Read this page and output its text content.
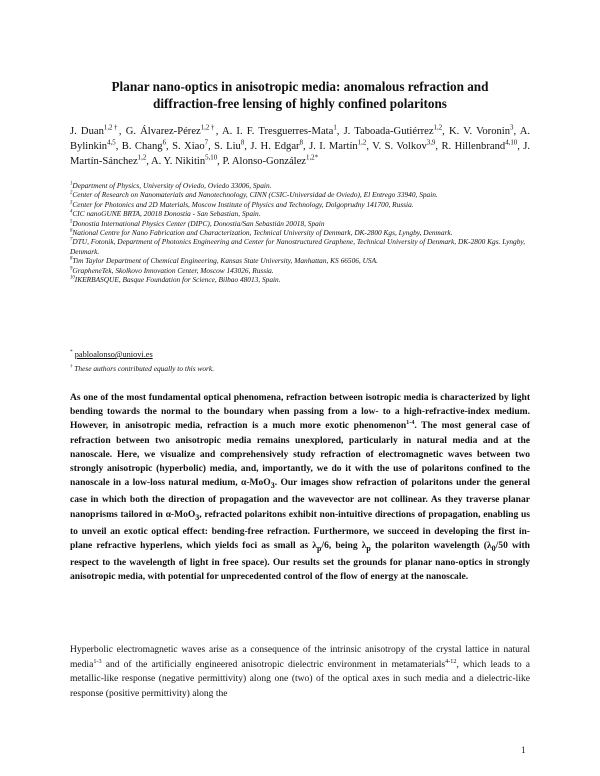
Planar nano-optics in anisotropic media: anomalous refraction and
diffraction-free lensing of highly confined polaritons
J. Duan$^{1,2\dagger}$, G. Álvarez-Pérez$^{1,2\dagger}$, A. I. F. Tresguerres-Mata$^1$, J. Taboada-Gutiérrez$^{1,2}$, K. V. Voronin$^3$, A. Bylinkin$^{4,5}$, B. Chang$^6$, S. Xiao$^7$, S. Liu$^8$, J. H. Edgar$^8$, J. I. Martín$^{1,2}$, V. S. Volkov$^{3,9}$, R. Hillenbrand$^{4,10}$, J. Martín-Sánchez$^{1,2}$, A. Y. Nikitin$^{5,10}$, P. Alonso-González$^{1,2*}$
$^1$Department of Physics, University of Oviedo, Oviedo 33006, Spain.
$^2$Center of Research on Nanomaterials and Nanotechnology, CINN (CSIC-Universidad de Oviedo), El Entrego 33940, Spain.
$^3$Center for Photonics and 2D Materials, Moscow Institute of Physics and Technology, Dolgoprudny 141700, Russia.
$^4$CIC nanoGUNE BRTA, 20018 Donostia - San Sebastian, Spain.
$^5$Donostia International Physics Center (DIPC), Donostia/San Sebastián 20018, Spain
$^6$National Centre for Nano Fabrication and Characterization, Technical University of Denmark, DK-2800 Kgs, Lyngby, Denmark.
$^7$DTU, Fotonik, Department of Photonics Engineering and Center for Nanostructured Graphene, Technical University of Denmark, DK-2800 Kgs. Lyngby, Denmark.
$^8$Tim Taylor Department of Chemical Engineering, Kansas State University, Manhattan, KS 66506, USA.
$^9$GrapheneTek, Skolkovo Innovation Center, Moscow 143026, Russia.
$^{10}$IKERBASQUE, Basque Foundation for Science, Bilbao 48013, Spain.
* pabloalonso@uniovi.es
† These authors contributed equally to this work.
As one of the most fundamental optical phenomena, refraction between isotropic media is characterized by light bending towards the normal to the boundary when passing from a low- to a high-refractive-index medium. However, in anisotropic media, refraction is a much more exotic phenomenon$^{1-4}$. The most general case of refraction between two anisotropic media remains unexplored, particularly in natural media and at the nanoscale. Here, we visualize and comprehensively study refraction of electromagnetic waves between two strongly anisotropic (hyperbolic) media, and, importantly, we do it with the use of polaritons confined to the nanoscale in a low-loss natural medium, α-MoO$_3$. Our images show refraction of polaritons under the general case in which both the direction of propagation and the wavevector are not collinear. As they traverse planar nanoprisms tailored in α-MoO$_3$, refracted polaritons exhibit non-intuitive directions of propagation, enabling us to unveil an exotic optical effect: bending-free refraction. Furthermore, we succeed in developing the first in-plane refractive hyperlens, which yields foci as small as $\lambda_p/6$, being $\lambda_p$ the polariton wavelength ($\lambda_0/50$ with respect to the wavelength of light in free space). Our results set the grounds for planar nano-optics in strongly anisotropic media, with potential for unprecedented control of the flow of energy at the nanoscale.
Hyperbolic electromagnetic waves arise as a consequence of the intrinsic anisotropy of the crystal lattice in natural media$^{1-3}$ and of the artificially engineered anisotropic dielectric environment in metamaterials$^{4-12}$, which leads to a metallic-like response (negative permittivity) along one (two) of the optical axes in such media and a dielectric-like response (positive permittivity) along the
1
